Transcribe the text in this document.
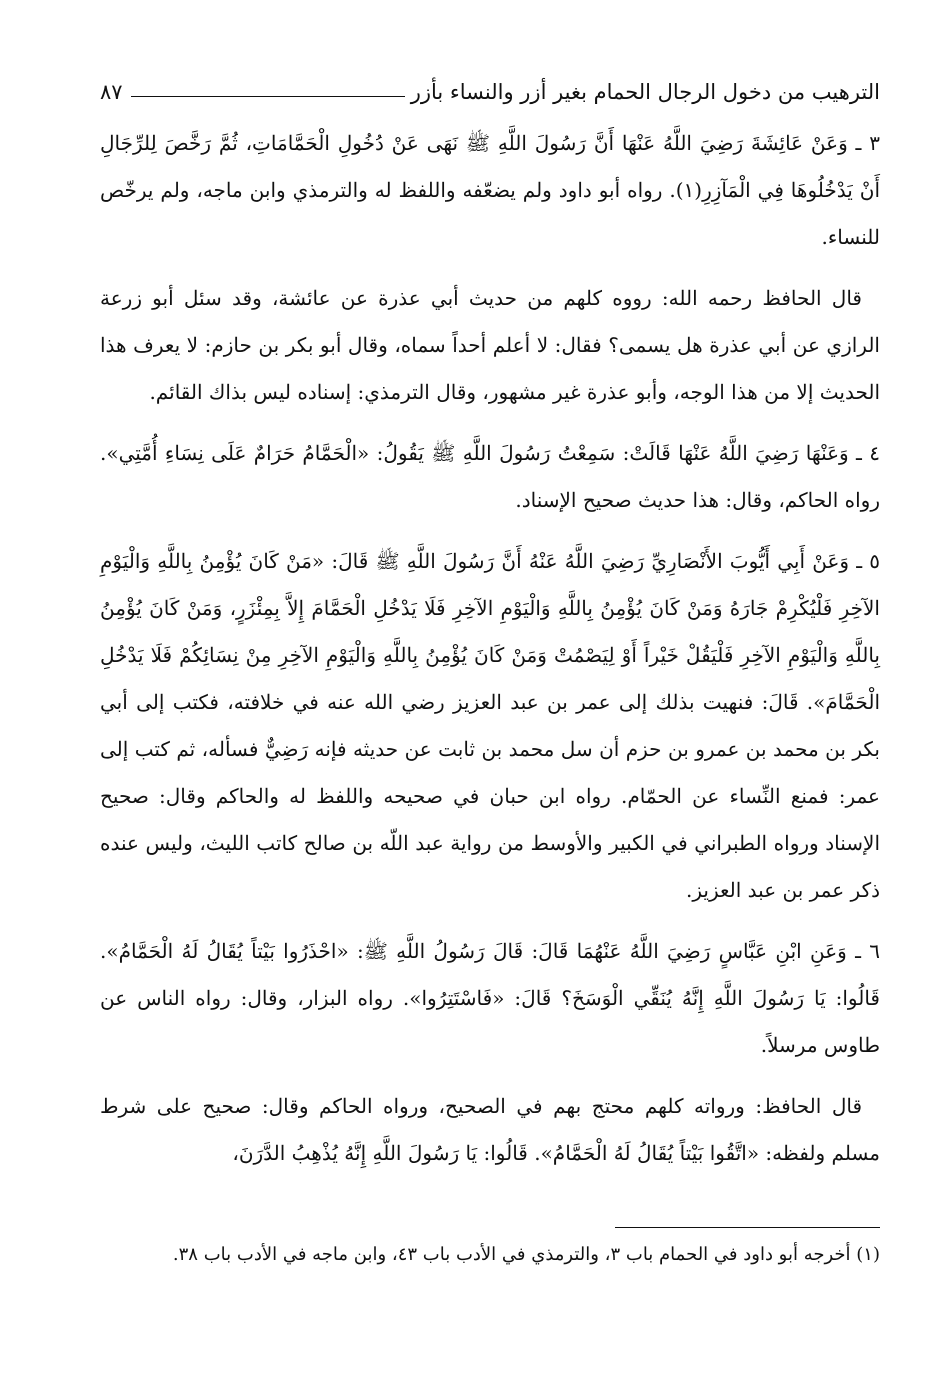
الترهيب من دخول الرجال الحمام بغير أزر والنساء بأزر
٨٧

٣ ـ وَعَنْ عَائِشَةَ رَضِيَ اللَّهُ عَنْهَا أَنَّ رَسُولَ اللَّهِ ﷺ نَهَى عَنْ دُخُولِ الْحَمَّامَاتِ، ثُمَّ رَخَّصَ لِلرِّجَالِ أَنْ يَدْخُلُوهَا فِي الْمَآزِرِ(١). رواه أبو داود ولم يضعّفه واللفظ له والترمذي وابن ماجه، ولم يرخّص للنساء.

قال الحافظ رحمه الله: رووه كلهم من حديث أبي عذرة عن عائشة، وقد سئل أبو زرعة الرازي عن أبي عذرة هل يسمى؟ فقال: لا أعلم أحداً سماه، وقال أبو بكر بن حازم: لا يعرف هذا الحديث إلا من هذا الوجه، وأبو عذرة غير مشهور، وقال الترمذي: إسناده ليس بذاك القائم.

٤ ـ وَعَنْهَا رَضِيَ اللَّهُ عَنْهَا قَالَتْ: سَمِعْتُ رَسُولَ اللَّهِ ﷺ يَقُولُ: «الْحَمَّامُ حَرَامٌ عَلَى نِسَاءِ أُمَّتِي». رواه الحاكم، وقال: هذا حديث صحيح الإسناد.

٥ ـ وَعَنْ أَبِي أَيُّوبَ الأَنْصَارِيِّ رَضِيَ اللَّهُ عَنْهُ أَنَّ رَسُولَ اللَّهِ ﷺ قَالَ: «مَنْ كَانَ يُؤْمِنُ بِاللَّهِ وَالْيَوْمِ الآخِرِ فَلْيُكْرِمْ جَارَهُ وَمَنْ كَانَ يُؤْمِنُ بِاللَّهِ وَالْيَوْمِ الآخِرِ فَلَا يَدْخُلِ الْحَمَّامَ إِلاَّ بِمِئْزَرٍ، وَمَنْ كَانَ يُؤْمِنُ بِاللَّهِ وَالْيَوْمِ الآخِرِ فَلْيَقُلْ خَيْراً أَوْ لِيَصْمُتْ وَمَنْ كَانَ يُؤْمِنُ بِاللَّهِ وَالْيَوْمِ الآخِرِ مِنْ نِسَائِكُمْ فَلَا يَدْخُلِ الْحَمَّامَ». قَالَ: فنهيت بذلك إلى عمر بن عبد العزيز رضي الله عنه في خلافته، فكتب إلى أبي بكر بن محمد بن عمرو بن حزم أن سل محمد بن ثابت عن حديثه فإنه رَضِيٌّ فسأله، ثم كتب إلى عمر: فمنع النِّساء عن الحمّام. رواه ابن حبان في صحيحه واللفظ له والحاكم وقال: صحيح الإسناد ورواه الطبراني في الكبير والأوسط من رواية عبد اللّه بن صالح كاتب الليث، وليس عنده ذكر عمر بن عبد العزيز.

٦ ـ وَعَنِ ابْنِ عَبَّاسٍ رَضِيَ اللَّهُ عَنْهُمَا قَالَ: قَالَ رَسُولُ اللَّهِ ﷺ: «احْذَرُوا بَيْتاً يُقَالُ لَهُ الْحَمَّامُ». قَالُوا: يَا رَسُولَ اللَّهِ إِنَّهُ يُنَقِّي الْوَسَخَ؟ قَالَ: «فَاسْتَتِرُوا». رواه البزار، وقال: رواه الناس عن طاوس مرسلاً.

قال الحافظ: ورواته كلهم محتج بهم في الصحيح، ورواه الحاكم وقال: صحيح على شرط مسلم ولفظه: «اتَّقُوا بَيْتاً يُقَالُ لَهُ الْحَمَّامُ». قَالُوا: يَا رَسُولَ اللَّهِ إِنَّهُ يُذْهِبُ الدَّرَنَ،

(١) أخرجه أبو داود في الحمام باب ٣، والترمذي في الأدب باب ٤٣، وابن ماجه في الأدب باب ٣٨.
